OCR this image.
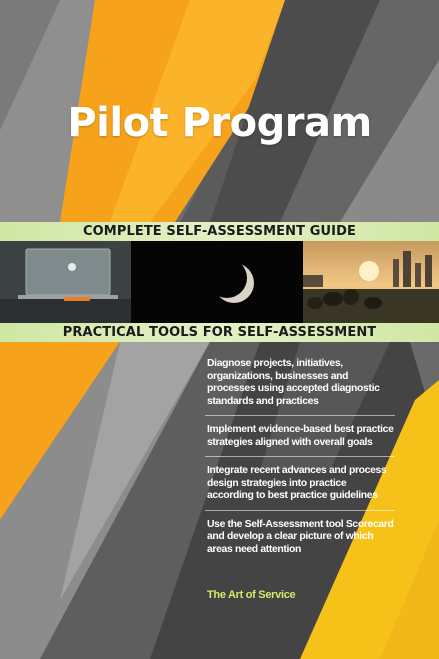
Pilot Program
COMPLETE SELF-ASSESSMENT GUIDE
PRACTICAL TOOLS FOR SELF-ASSESSMENT
Diagnose projects, initiatives, organizations, businesses and processes using accepted diagnostic standards and practices
Implement evidence-based best practice strategies aligned with overall goals
Integrate recent advances and process design strategies into practice according to best practice guidelines
Use the Self-Assessment tool Scorecard and develop a clear picture of which areas need attention
The Art of Service
